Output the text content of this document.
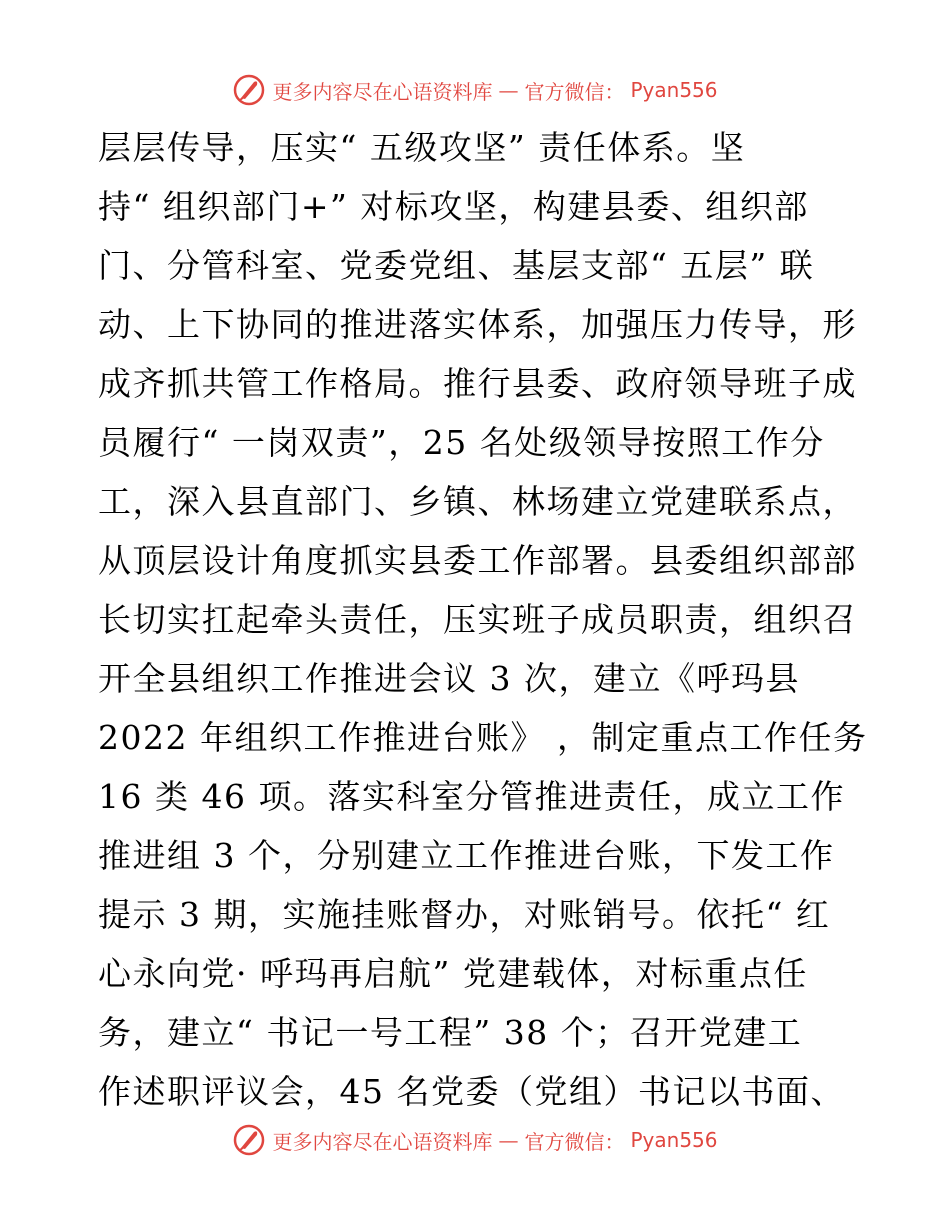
更多内容尽在心语资料库 — 官方微信： Pyan556
层层传导，压实“ 五级攻坚” 责任体系。坚
持“ 组织部门+” 对标攻坚，构建县委、组织部
门、分管科室、党委党组、基层支部“ 五层” 联
动、上下协同的推进落实体系，加强压力传导，形
成齐抓共管工作格局。推行县委、政府领导班子成
员履行“ 一岗双责”，25 名处级领导按照工作分
工，深入县直部门、乡镇、林场建立党建联系点，
从顶层设计角度抓实县委工作部署。县委组织部部
长切实扛起牵头责任，压实班子成员职责，组织召
开全县组织工作推进会议 3 次，建立《呼玛县
2022 年组织工作推进台账》 ，制定重点工作任务
16 类 46 项。落实科室分管推进责任，成立工作
推进组 3 个，分别建立工作推进台账，下发工作
提示 3 期，实施挂账督办，对账销号。依托“ 红
心永向党· 呼玛再启航” 党建载体，对标重点任
务，建立“ 书记一号工程” 38 个；召开党建工
作述职评议会，45 名党委（党组）书记以书面、
更多内容尽在心语资料库 — 官方微信： Pyan556
